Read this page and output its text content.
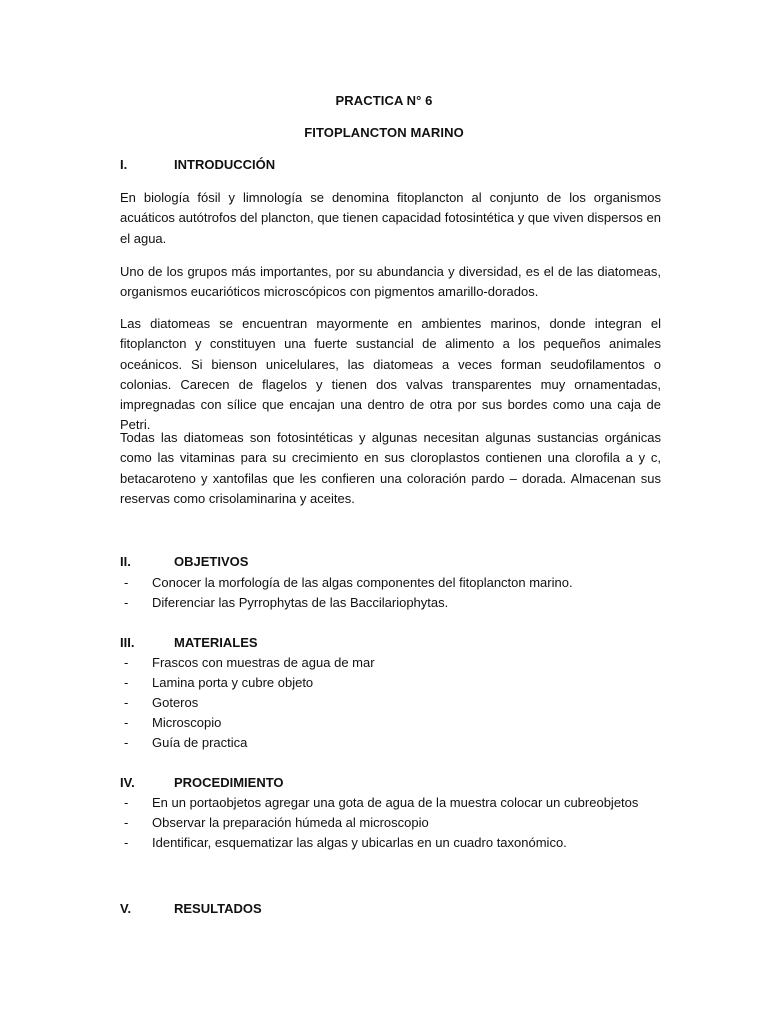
PRACTICA N° 6
FITOPLANCTON MARINO
I.	INTRODUCCIÓN
En biología fósil y limnología se denomina fitoplancton al conjunto de los organismos acuáticos autótrofos del plancton, que tienen capacidad fotosintética y que viven dispersos en el agua.
Uno de los grupos más importantes, por su abundancia y diversidad, es el de las diatomeas, organismos eucarióticos microscópicos con pigmentos amarillo-dorados.
Las diatomeas se encuentran mayormente en ambientes marinos, donde integran el fitoplancton y constituyen una fuerte sustancial de alimento a los pequeños animales oceánicos. Si bienson unicelulares, las diatomeas a veces forman seudofilamentos o colonias. Carecen de flagelos y tienen dos valvas transparentes muy ornamentadas, impregnadas con sílice que encajan una dentro de otra por sus bordes como una caja de Petri.
Todas las diatomeas son fotosintéticas y algunas necesitan algunas sustancias orgánicas como las vitaminas para su crecimiento en sus cloroplastos contienen una clorofila a y c, betacaroteno y xantofilas que les confieren una coloración pardo – dorada. Almacenan sus reservas como crisolaminarina y aceites.
II.	OBJETIVOS
- Conocer la morfología de las algas componentes del fitoplancton marino.
- Diferenciar las Pyrrophytas de las Baccilariophytas.
III.	MATERIALES
- Frascos con muestras de agua de mar
- Lamina porta y cubre objeto
- Goteros
- Microscopio
- Guía de practica
IV.	PROCEDIMIENTO
- En un portaobjetos agregar una gota de agua de la muestra colocar un cubreobjetos
- Observar la preparación húmeda al microscopio
- Identificar, esquematizar las algas y ubicarlas en un cuadro taxonómico.
V.	RESULTADOS
